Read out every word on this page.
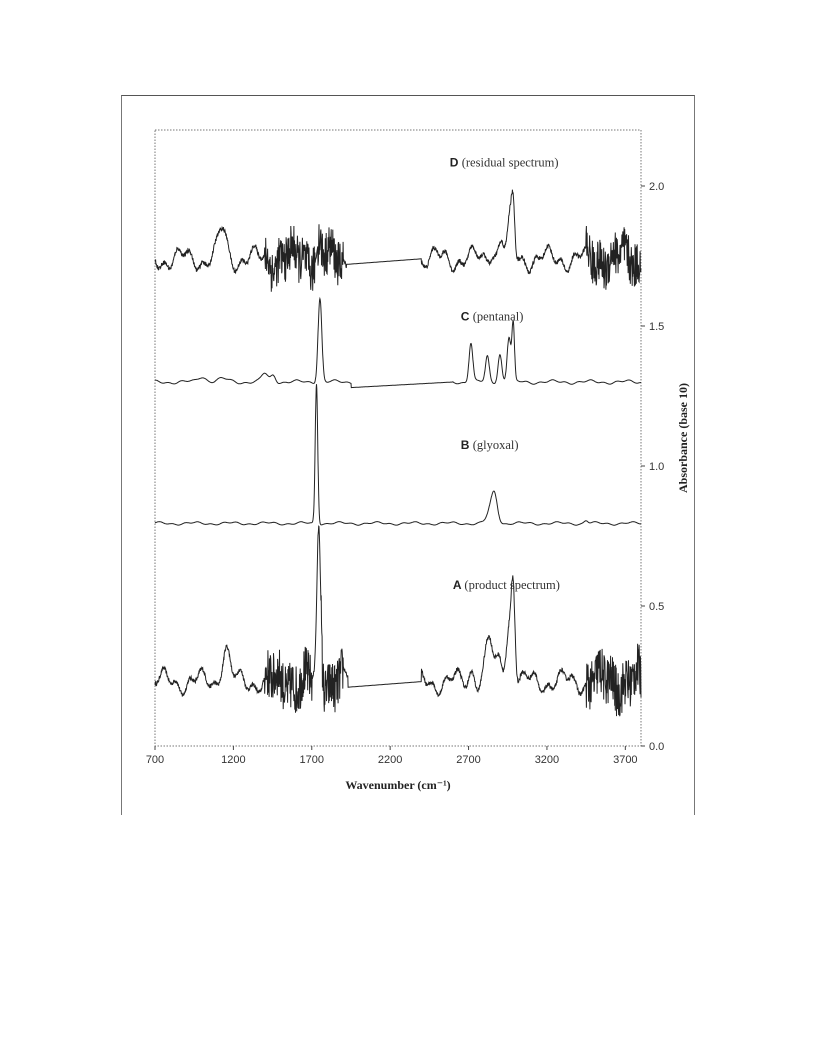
700	1200	1700	2200	2700	3200	3700
0.0
0.5
1.0
1.5
2.0
A (product spectrum)
B (glyoxal)
C (pentanal)
D (residual spectrum)
Wavenumber (cm⁻¹)
Absorbance (base 10)
